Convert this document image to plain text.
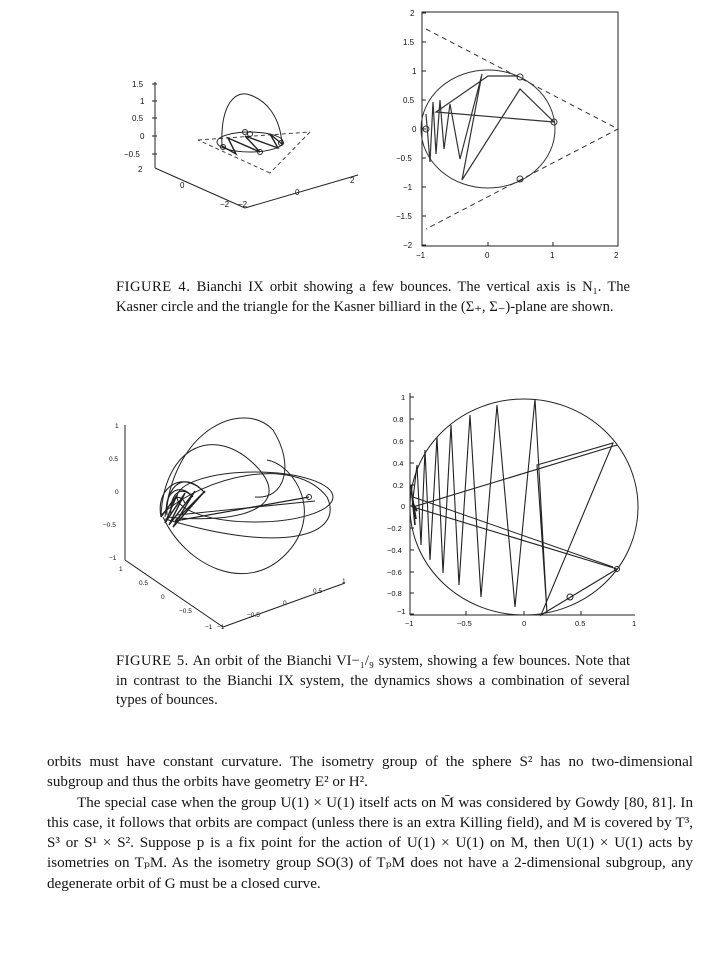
1.5
1
0.5
0
−0.5
2
0
−2 −2
0
2
2
1.5
1
0.5
0
−0.5
−1
−1.5
−2
−1	0	1	2
FIGURE 4. Bianchi IX orbit showing a few bounces. The vertical axis is N₁. The Kasner circle and the triangle for the Kasner billiard in the (Σ₊, Σ₋)-plane are shown.
1
0.5
0
−0.5
−1
1
0.5
0
−0.5
−1 −1
−0.5
0
0.5
1
1
0.8
0.6
0.4
0.2
0
−0.2
−0.4
−0.6
−0.8
−1
−1	−0.5	0	0.5	1
FIGURE 5. An orbit of the Bianchi VI−₁/₉ system, showing a few bounces. Note that in contrast to the Bianchi IX system, the dynamics shows a combination of several types of bounces.

orbits must have constant curvature. The isometry group of the sphere S² has no two-dimensional subgroup and thus the orbits have geometry E² or H².

The special case when the group U(1) × U(1) itself acts on M̄ was considered by Gowdy [80, 81]. In this case, it follows that orbits are compact (unless there is an extra Killing field), and M is covered by T³, S³ or S¹ × S². Suppose p is a fix point for the action of U(1) × U(1) on M, then U(1) × U(1) acts by isometries on TₚM. As the isometry group SO(3) of TₚM does not have a 2-dimensional subgroup, any degenerate orbit of G must be a closed curve.
